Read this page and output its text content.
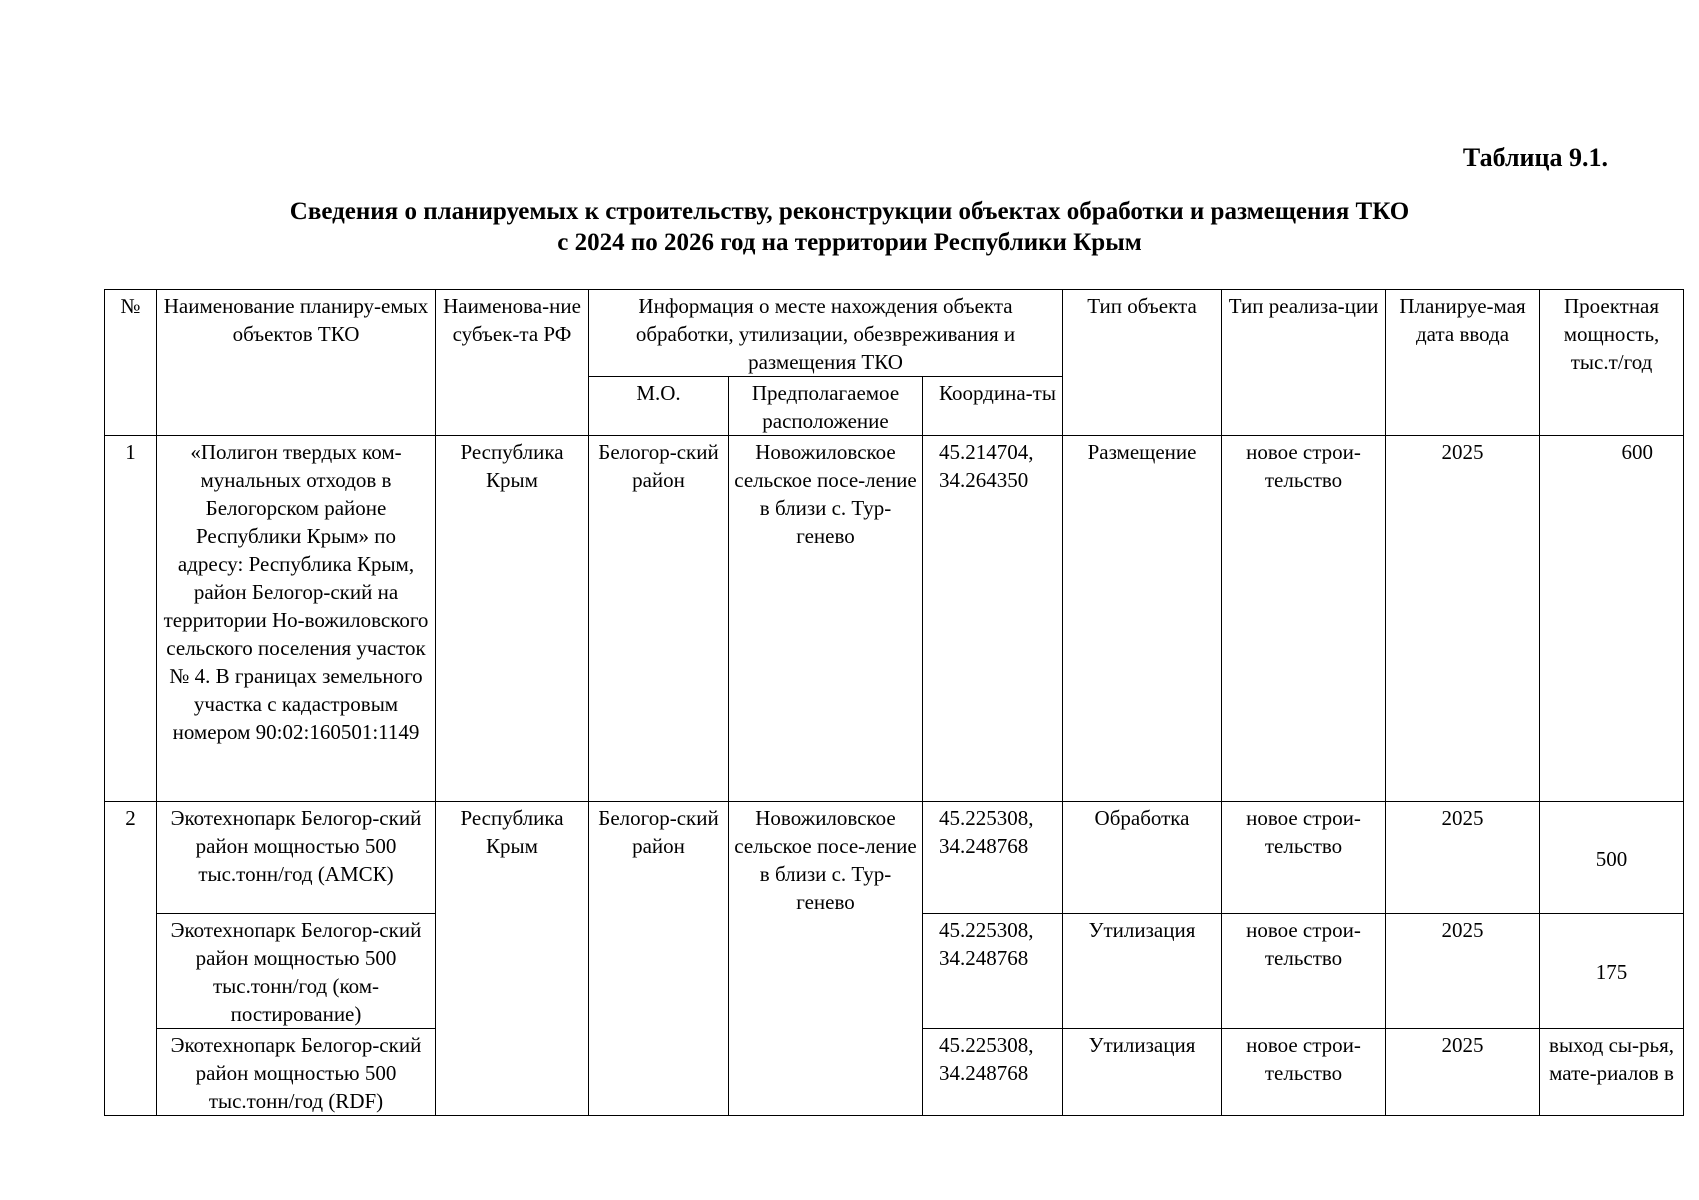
Таблица 9.1.
Сведения о планируемых к строительству, реконструкции объектах обработки и размещения ТКО
с 2024 по 2026 год на территории Республики Крым
№	Наименование планиру-емых объектов ТКО	Наименова-ние субъек-та РФ	Информация о месте нахождения объекта обработки, утилизации, обезвреживания и размещения ТКО			Тип объекта	Тип реализа-ции	Планируе-мая дата ввода	Проектная мощность, тыс.т/год
			М.О.	Предполагаемое расположение	Координа-ты				
1	«Полигон твердых ком-мунальных отходов в Белогорском районе Республики Крым» по адресу: Республика Крым, район Белогор-ский на территории Но-вожиловского сельского поселения участок № 4. В границах земельного участка с кадастровым номером 90:02:160501:1149	Республика Крым	Белогор-ский район	Новожиловское сельское посе-ление в близи с. Тур-генево	45.214704, 34.264350	Размещение	новое строи-тельство	2025	600
2	Экотехнопарк Белогор-ский район мощностью 500 тыс.тонн/год (АМСК)	Республика Крым	Белогор-ский район	Новожиловское сельское посе-ление в близи с. Тур-генево	45.225308, 34.248768	Обработка	новое строи-тельство	2025	500
	Экотехнопарк Белогор-ский район мощностью 500 тыс.тонн/год (ком-постирование)				45.225308, 34.248768	Утилизация	новое строи-тельство	2025	175
	Экотехнопарк Белогор-ский район мощностью 500 тыс.тонн/год (RDF)				45.225308, 34.248768	Утилизация	новое строи-тельство	2025	выход сы-рья, мате-риалов в
